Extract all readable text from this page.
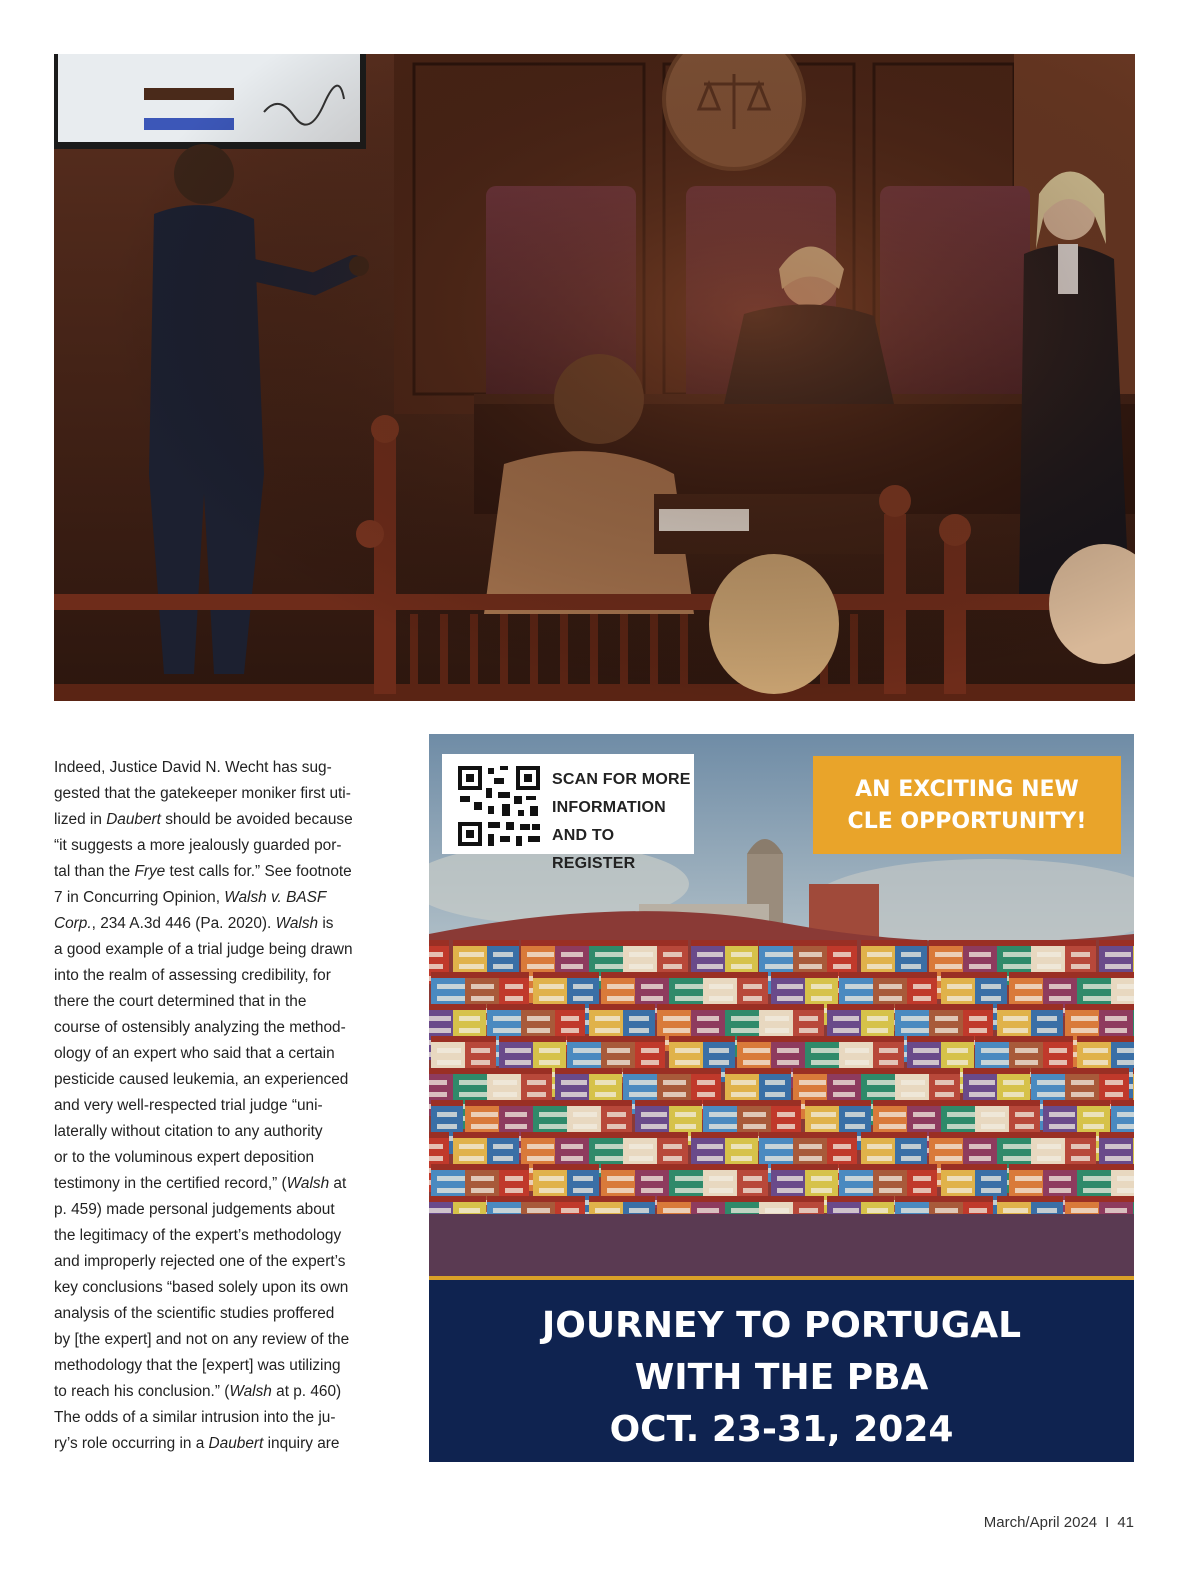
Indeed, Justice David N. Wecht has sug-
gested that the gatekeeper moniker first uti-
lized in Daubert should be avoided because
“it suggests a more jealously guarded por-
tal than the Frye test calls for.” See footnote
7 in Concurring Opinion, Walsh v. BASF
Corp., 234 A.3d 446 (Pa. 2020). Walsh is
a good example of a trial judge being drawn
into the realm of assessing credibility, for
there the court determined that in the
course of ostensibly analyzing the method-
ology of an expert who said that a certain
pesticide caused leukemia, an experienced
and very well-respected trial judge “uni-
laterally without citation to any authority
or to the voluminous expert deposition
testimony in the certified record,” (Walsh at
p. 459) made personal judgements about
the legitimacy of the expert’s methodology
and improperly rejected one of the expert’s
key conclusions “based solely upon its own
analysis of the scientific studies proffered
by [the expert] and not on any review of the
methodology that the [expert] was utilizing
to reach his conclusion.” (Walsh at p. 460)
The odds of a similar intrusion into the ju-
ry’s role occurring in a Daubert inquiry are

SCAN FOR MORE
INFORMATION
AND TO REGISTER
AN EXCITING NEW
CLE OPPORTUNITY!
JOURNEY TO PORTUGAL
WITH THE PBA
OCT. 23-31, 2024
March/April 2024 I 41
